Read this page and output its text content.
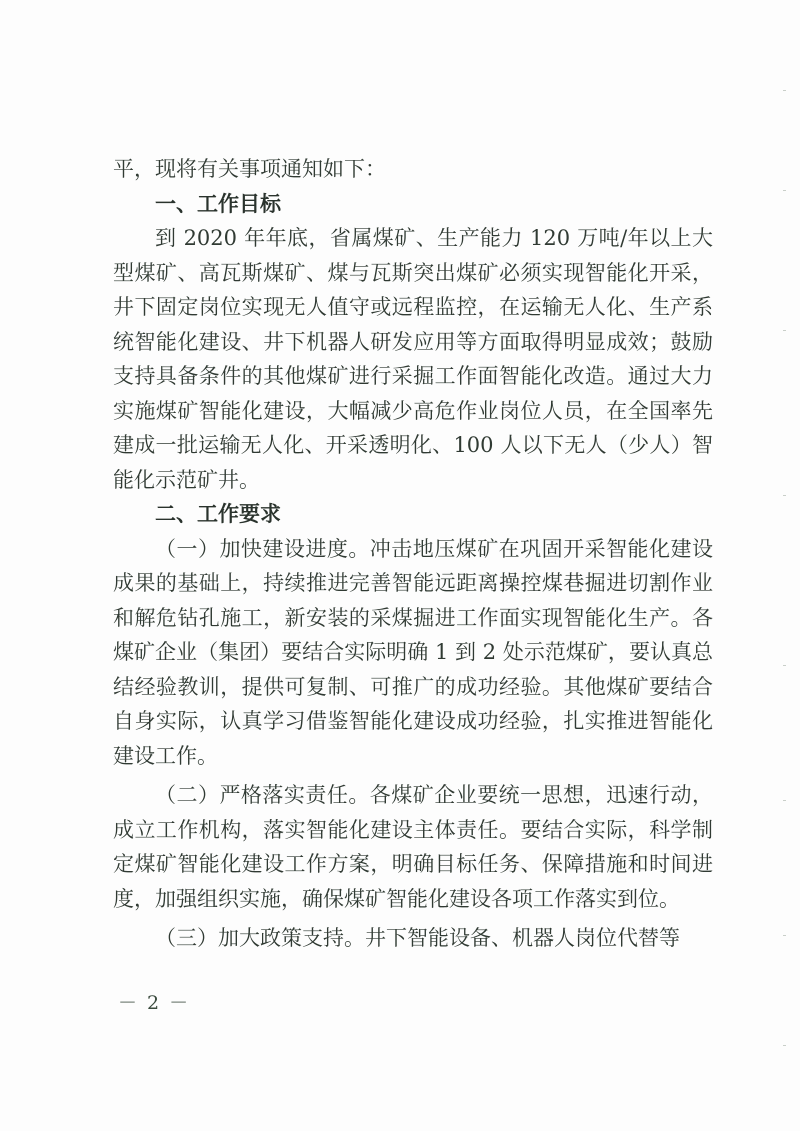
平，现将有关事项通知如下：

一、工作目标

到 2020 年年底，省属煤矿、生产能力 120 万吨/年以上大型煤矿、高瓦斯煤矿、煤与瓦斯突出煤矿必须实现智能化开采，井下固定岗位实现无人值守或远程监控，在运输无人化、生产系统智能化建设、井下机器人研发应用等方面取得明显成效；鼓励支持具备条件的其他煤矿进行采掘工作面智能化改造。通过大力实施煤矿智能化建设，大幅减少高危作业岗位人员，在全国率先建成一批运输无人化、开采透明化、100 人以下无人（少人）智能化示范矿井。

二、工作要求

（一）加快建设进度。冲击地压煤矿在巩固开采智能化建设成果的基础上，持续推进完善智能远距离操控煤巷掘进切割作业和解危钻孔施工，新安装的采煤掘进工作面实现智能化生产。各煤矿企业（集团）要结合实际明确 1 到 2 处示范煤矿，要认真总结经验教训，提供可复制、可推广的成功经验。其他煤矿要结合自身实际，认真学习借鉴智能化建设成功经验，扎实推进智能化建设工作。

（二）严格落实责任。各煤矿企业要统一思想，迅速行动，成立工作机构，落实智能化建设主体责任。要结合实际，科学制定煤矿智能化建设工作方案，明确目标任务、保障措施和时间进度，加强组织实施，确保煤矿智能化建设各项工作落实到位。

（三）加大政策支持。井下智能设备、机器人岗位代替等

－ 2 －
